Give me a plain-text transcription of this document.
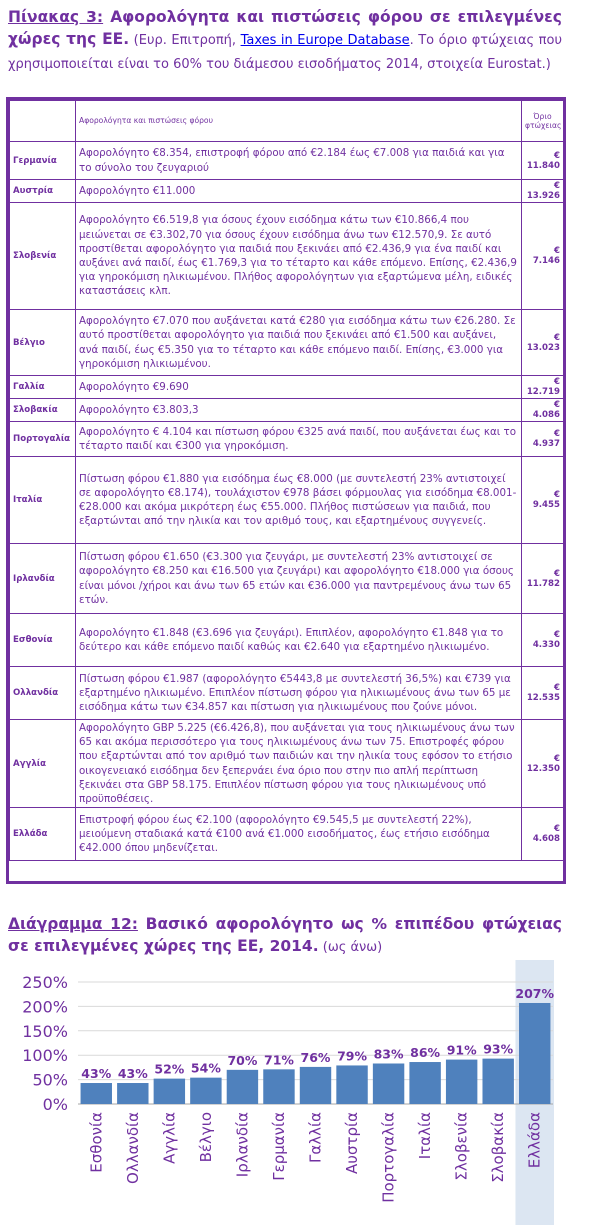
Πίνακας 3: Αφορολόγητα και πιστώσεις φόρου σε επιλεγμένες χώρες της ΕΕ. (Ευρ. Επιτροπή, Taxes in Europe Database. Το όριο φτώχειας που χρησιμοποιείται είναι το 60% του διάμεσου εισοδήματος 2014, στοιχεία Eurostat.)
	Αφορολόγητα και πιστώσεις φόρου	Όριο φτώχειας
Γερμανία	Αφορολόγητο €8.354, επιστροφή φόρου από €2.184 έως €7.008 για παιδιά και για το σύνολο του ζευγαριού	€ 11.840
Αυστρία	Αφορολόγητο €11.000	€ 13.926
Σλοβενία	Αφορολόγητο €6.519,8 για όσους έχουν εισόδημα κάτω των €10.866,4 που μειώνεται σε €3.302,70 για όσους έχουν εισόδημα άνω των €12.570,9. Σε αυτό προστίθεται αφορολόγητο για παιδιά που ξεκινάει από €2.436,9 για ένα παιδί και αυξάνει ανά παιδί, έως €1.769,3 για το τέταρτο και κάθε επόμενο. Επίσης, €2.436,9 για γηροκόμιση ηλικιωμένου. Πλήθος αφορολόγητων για εξαρτώμενα μέλη, ειδικές καταστάσεις κλπ.	€ 7.146
Βέλγιο	Αφορολόγητο €7.070 που αυξάνεται κατά €280 για εισόδημα κάτω των €26.280. Σε αυτό προστίθεται αφορολόγητο για παιδιά που ξεκινάει από €1.500 και αυξάνει, ανά παιδί, έως €5.350 για το τέταρτο και κάθε επόμενο παιδί. Επίσης, €3.000 για γηροκόμιση ηλικιωμένου.	€ 13.023
Γαλλία	Αφορολόγητο €9.690	€ 12.719
Σλοβακία	Αφορολόγητο €3.803,3	€ 4.086
Πορτογαλία	Αφορολόγητο € 4.104 και πίστωση φόρου €325 ανά παιδί, που αυξάνεται έως και το τέταρτο παιδί και €300 για γηροκόμιση.	€ 4.937
Ιταλία	Πίστωση φόρου €1.880 για εισόδημα έως €8.000 (με συντελεστή 23% αντιστοιχεί σε αφορολόγητο €8.174), τουλάχιστον €978 βάσει φόρμουλας για εισόδημα €8.001-€28.000 και ακόμα μικρότερη έως €55.000. Πλήθος πιστώσεων για παιδιά, που εξαρτώνται από την ηλικία και τον αριθμό τους, και εξαρτημένους συγγενείς.	€ 9.455
Ιρλανδία	Πίστωση φόρου €1.650 (€3.300 για ζευγάρι, με συντελεστή 23% αντιστοιχεί σε αφορολόγητο €8.250 και €16.500 για ζευγάρι) και αφορολόγητο €18.000 για όσους είναι μόνοι /χήροι και άνω των 65 ετών και €36.000 για παντρεμένους άνω των 65 ετών.	€ 11.782
Εσθονία	Αφορολόγητο €1.848 (€3.696 για ζευγάρι). Επιπλέον, αφορολόγητο €1.848 για το δεύτερο και κάθε επόμενο παιδί καθώς και €2.640 για εξαρτημένο ηλικιωμένο.	€ 4.330
Ολλανδία	Πίστωση φόρου €1.987 (αφορολόγητο €5443,8 με συντελεστή 36,5%) και €739 για εξαρτημένο ηλικιωμένο. Επιπλέον πίστωση φόρου για ηλικιωμένους άνω των 65 με εισόδημα κάτω των €34.857 και πίστωση για ηλικιωμένους που ζούνε μόνοι.	€ 12.535
Αγγλία	Αφορολόγητο GBP 5.225 (€6.426,8), που αυξάνεται για τους ηλικιωμένους άνω των 65 και ακόμα περισσότερο για τους ηλικιωμένους άνω των 75. Επιστροφές φόρου που εξαρτώνται από τον αριθμό των παιδιών και την ηλικία τους εφόσον το ετήσιο οικογενειακό εισόδημα δεν ξεπερνάει ένα όριο που στην πιο απλή περίπτωση ξεκινάει στα GBP 58.175. Επιπλέον πίστωση φόρου για τους ηλικιωμένους υπό προϋποθέσεις.	€ 12.350
Ελλάδα	Επιστροφή φόρου έως €2.100 (αφορολόγητο €9.545,5 με συντελεστή 22%), μειούμενη σταδιακά κατά €100 ανά €1.000 εισοδήματος, έως ετήσιο εισόδημα €42.000 όπου μηδενίζεται.	€ 4.608
Διάγραμμα 12: Βασικό αφορολόγητο ως % επιπέδου φτώχειας σε επιλεγμένες χώρες της ΕΕ, 2014. (ως άνω)
0%
50%
100%
150%
200%
250%
43%
Εσθονία
43%
Ολλανδία
52%
Αγγλία
54%
Βέλγιο
70%
Ιρλανδία
71%
Γερμανία
76%
Γαλλία
79%
Αυστρία
83%
Πορτογαλία
86%
Ιταλία
91%
Σλοβενία
93%
Σλοβακία
207%
Ελλάδα
